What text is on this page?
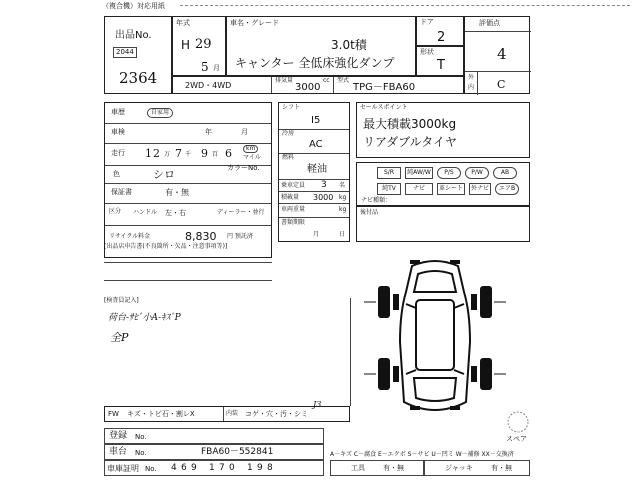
（複合機）対応用紙
出品No.
2044
2364
年式
H 29
5 月
車名・グレード
3.0t積
キャンター 全低床強化ダンプ
ドア
2
形状
T
評価点
4
外
内 C
2WD・4WD
排気量	cc
3000
型式
TPG－FBA60
車歴	自家用
車検	年	月
走行 1 2 万 7 千 9 百 6	km
マイル
色	シロ	カラーNo.
保証書	有・無
区分 ハンドル 左・右	ディーラー・並行
リサイクル料金	8,830 円 預託済
[出品店申告書(不良箇所・欠品・注意事項等)]
シフト
I5
冷房
AC
燃料
軽油
乗車定員 3 名
積載量 3000 kg
車両重量	kg
書類期限
月	日
セールスポイント
最大積載3000kg
リアダブルタイヤ
S/R	純AW/W	P/S	P/W	AB
純TV	ナビ	革シート	外ナビ	エアB
ナビ種類：
後付品
スペア
[検査員記入]
荷台-ｻﾋﾞ小A-ｷｽﾞP
全P
FW キズ・トビ石・割レX	内装 コゲ・穴・汚・シミ
J3
登録 No.
車台 No.	FBA60－552841
車庫証明 No. 4 6 9 1 7 0 1 9 8
A－キズ C－腐食 E－エクボ S－サビ U－凹ミ W－補修 XX－交換済
工具	有・無	ジャッキ	有・無
